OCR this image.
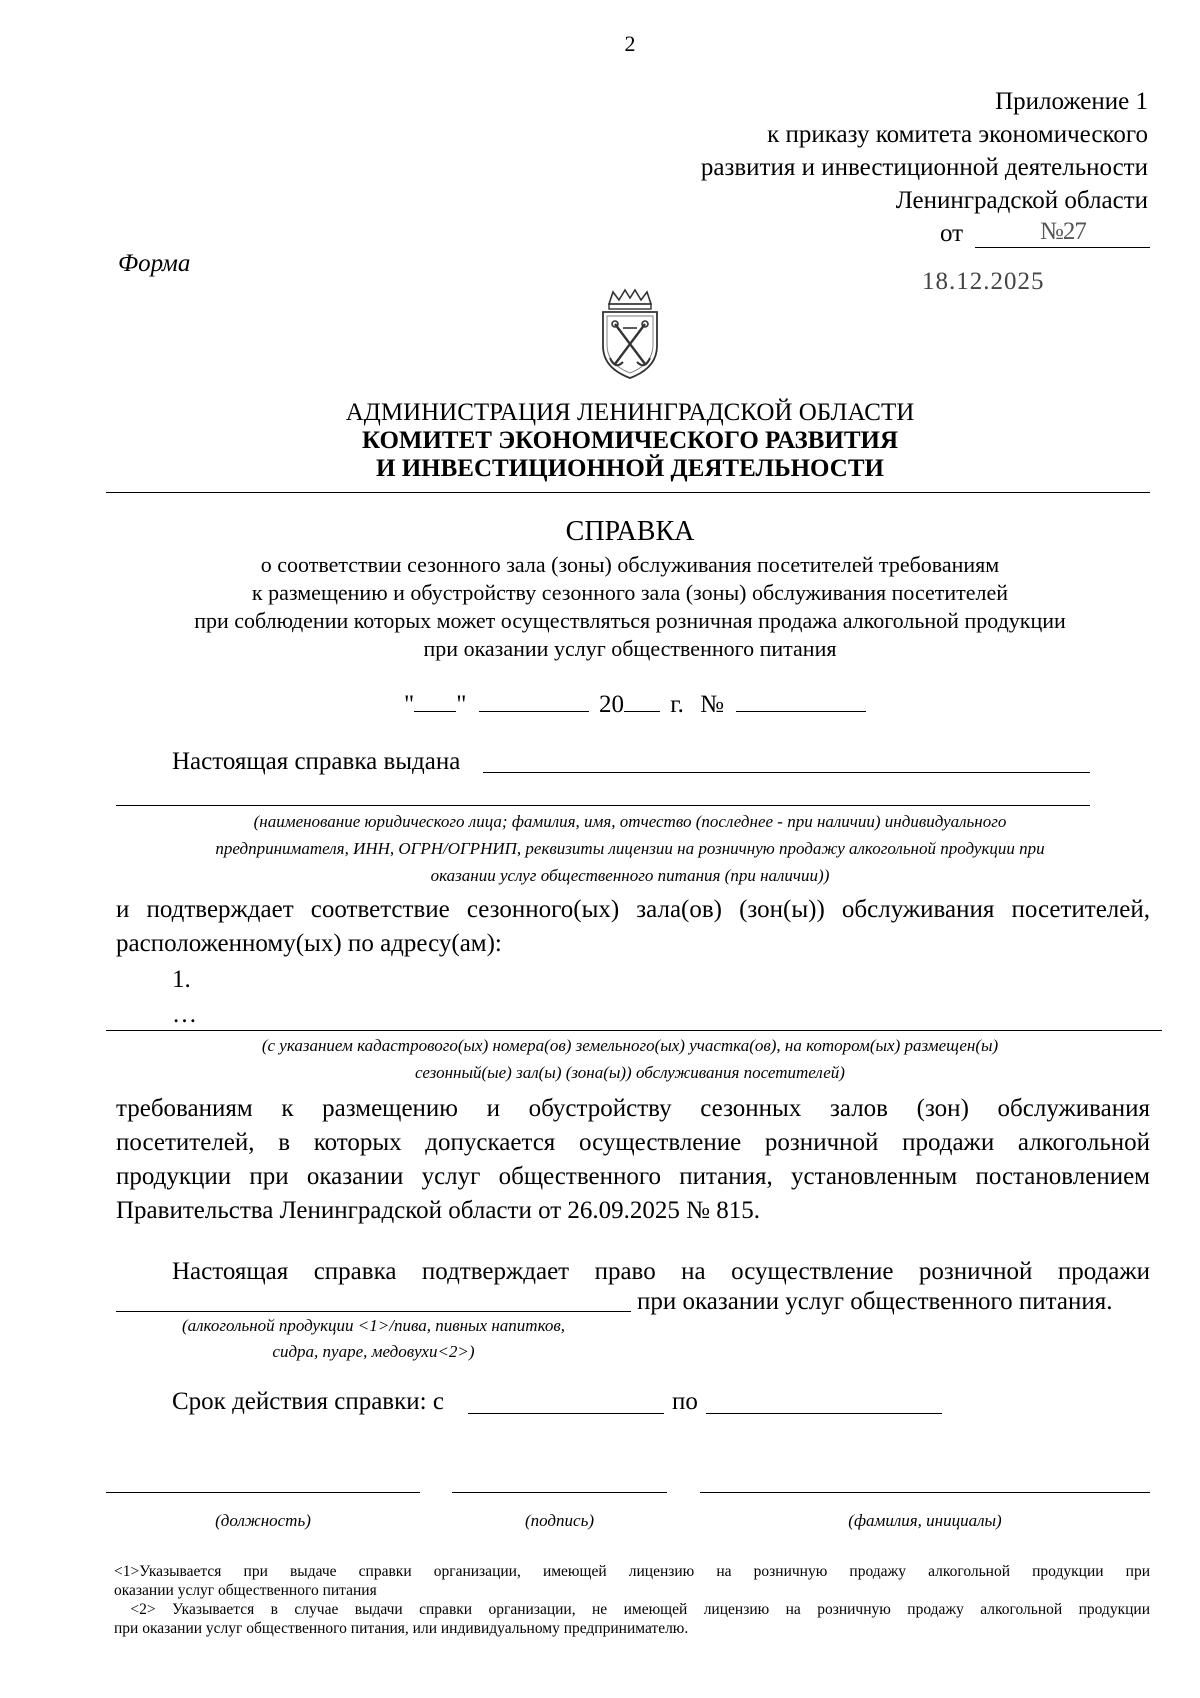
2
Приложение 1
к приказу комитета экономического
развития и инвестиционной деятельности
Ленинградской области
от	№27
18.12.2025
Форма
АДМИНИСТРАЦИЯ ЛЕНИНГРАДСКОЙ ОБЛАСТИ
КОМИТЕТ ЭКОНОМИЧЕСКОГО РАЗВИТИЯ
И ИНВЕСТИЦИОННОЙ ДЕЯТЕЛЬНОСТИ
СПРАВКА
о соответствии сезонного зала (зоны) обслуживания посетителей требованиям
к размещению и обустройству сезонного зала (зоны) обслуживания посетителей
при соблюдении которых может осуществляться розничная продажа алкогольной продукции
при оказании услуг общественного питания
" "	20 г. №
Настоящая справка выдана
(наименование юридического лица; фамилия, имя, отчество (последнее - при наличии) индивидуального
предпринимателя, ИНН, ОГРН/ОГРНИП, реквизиты лицензии на розничную продажу алкогольной продукции при
оказании услуг общественного питания (при наличии))
и подтверждает соответствие сезонного(ых) зала(ов) (зон(ы)) обслуживания посетителей,
расположенному(ых) по адресу(ам):
1.
…
(с указанием кадастрового(ых) номера(ов) земельного(ых) участка(ов), на котором(ых) размещен(ы)
сезонный(ые) зал(ы) (зона(ы)) обслуживания посетителей)
требованиям к размещению и обустройству сезонных залов (зон) обслуживания
посетителей, в которых допускается осуществление розничной продажи алкогольной
продукции при оказании услуг общественного питания, установленным постановлением
Правительства Ленинградской области от 26.09.2025 № 815.
Настоящая справка подтверждает право на осуществление розничной продажи
при оказании услуг общественного питания.
(алкогольной продукции <1>/пива, пивных напитков,
сидра, пуаре, медовухи<2>)
Срок действия справки: с	по
(должность)	(подпись)	(фамилия, инициалы)
<1>Указывается при выдаче справки организации, имеющей лицензию на розничную продажу алкогольной продукции при
оказании услуг общественного питания
<2> Указывается в случае выдачи справки организации, не имеющей лицензию на розничную продажу алкогольной продукции
при оказании услуг общественного питания, или индивидуальному предпринимателю.
